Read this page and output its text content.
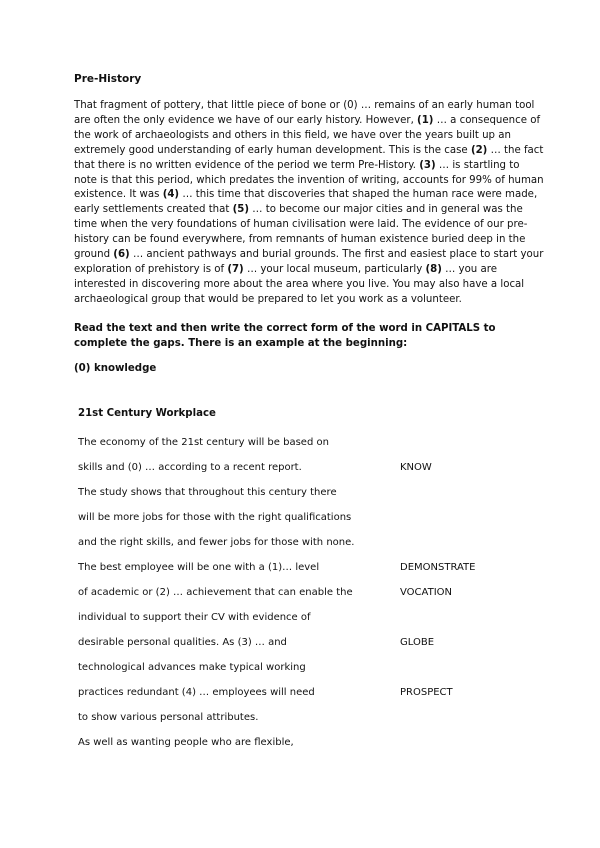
Pre-History
That fragment of pottery, that little piece of bone or (0) … remains of an early human tool are often the only evidence we have of our early history. However, (1) … a consequence of the work of archaeologists and others in this field, we have over the years built up an extremely good understanding of early human development. This is the case (2) … the fact that there is no written evidence of the period we term Pre-History. (3) … is startling to note is that this period, which predates the invention of writing, accounts for 99% of human existence. It was (4) … this time that discoveries that shaped the human race were made, early settlements created that (5) … to become our major cities and in general was the time when the very foundations of human civilisation were laid. The evidence of our pre-history can be found everywhere, from remnants of human existence buried deep in the ground (6) … ancient pathways and burial grounds. The first and easiest place to start your exploration of prehistory is of (7) … your local museum, particularly (8) … you are interested in discovering more about the area where you live. You may also have a local archaeological group that would be prepared to let you work as a volunteer.
Read the text and then write the correct form of the word in CAPITALS to complete the gaps. There is an example at the beginning:
(0) knowledge
21st Century Workplace
The economy of the 21st century will be based on
skills and (0) … according to a recent report.	KNOW
The study shows that throughout this century there
will be more jobs for those with the right qualifications
and the right skills, and fewer jobs for those with none.
The best employee will be one with a (1)… level	DEMONSTRATE
of academic or (2) … achievement that can enable the	VOCATION
individual to support their CV with evidence of
desirable personal qualities. As (3) … and	GLOBE
technological advances make typical working
practices redundant (4) … employees will need	PROSPECT
to show various personal attributes.
As well as wanting people who are flexible,
